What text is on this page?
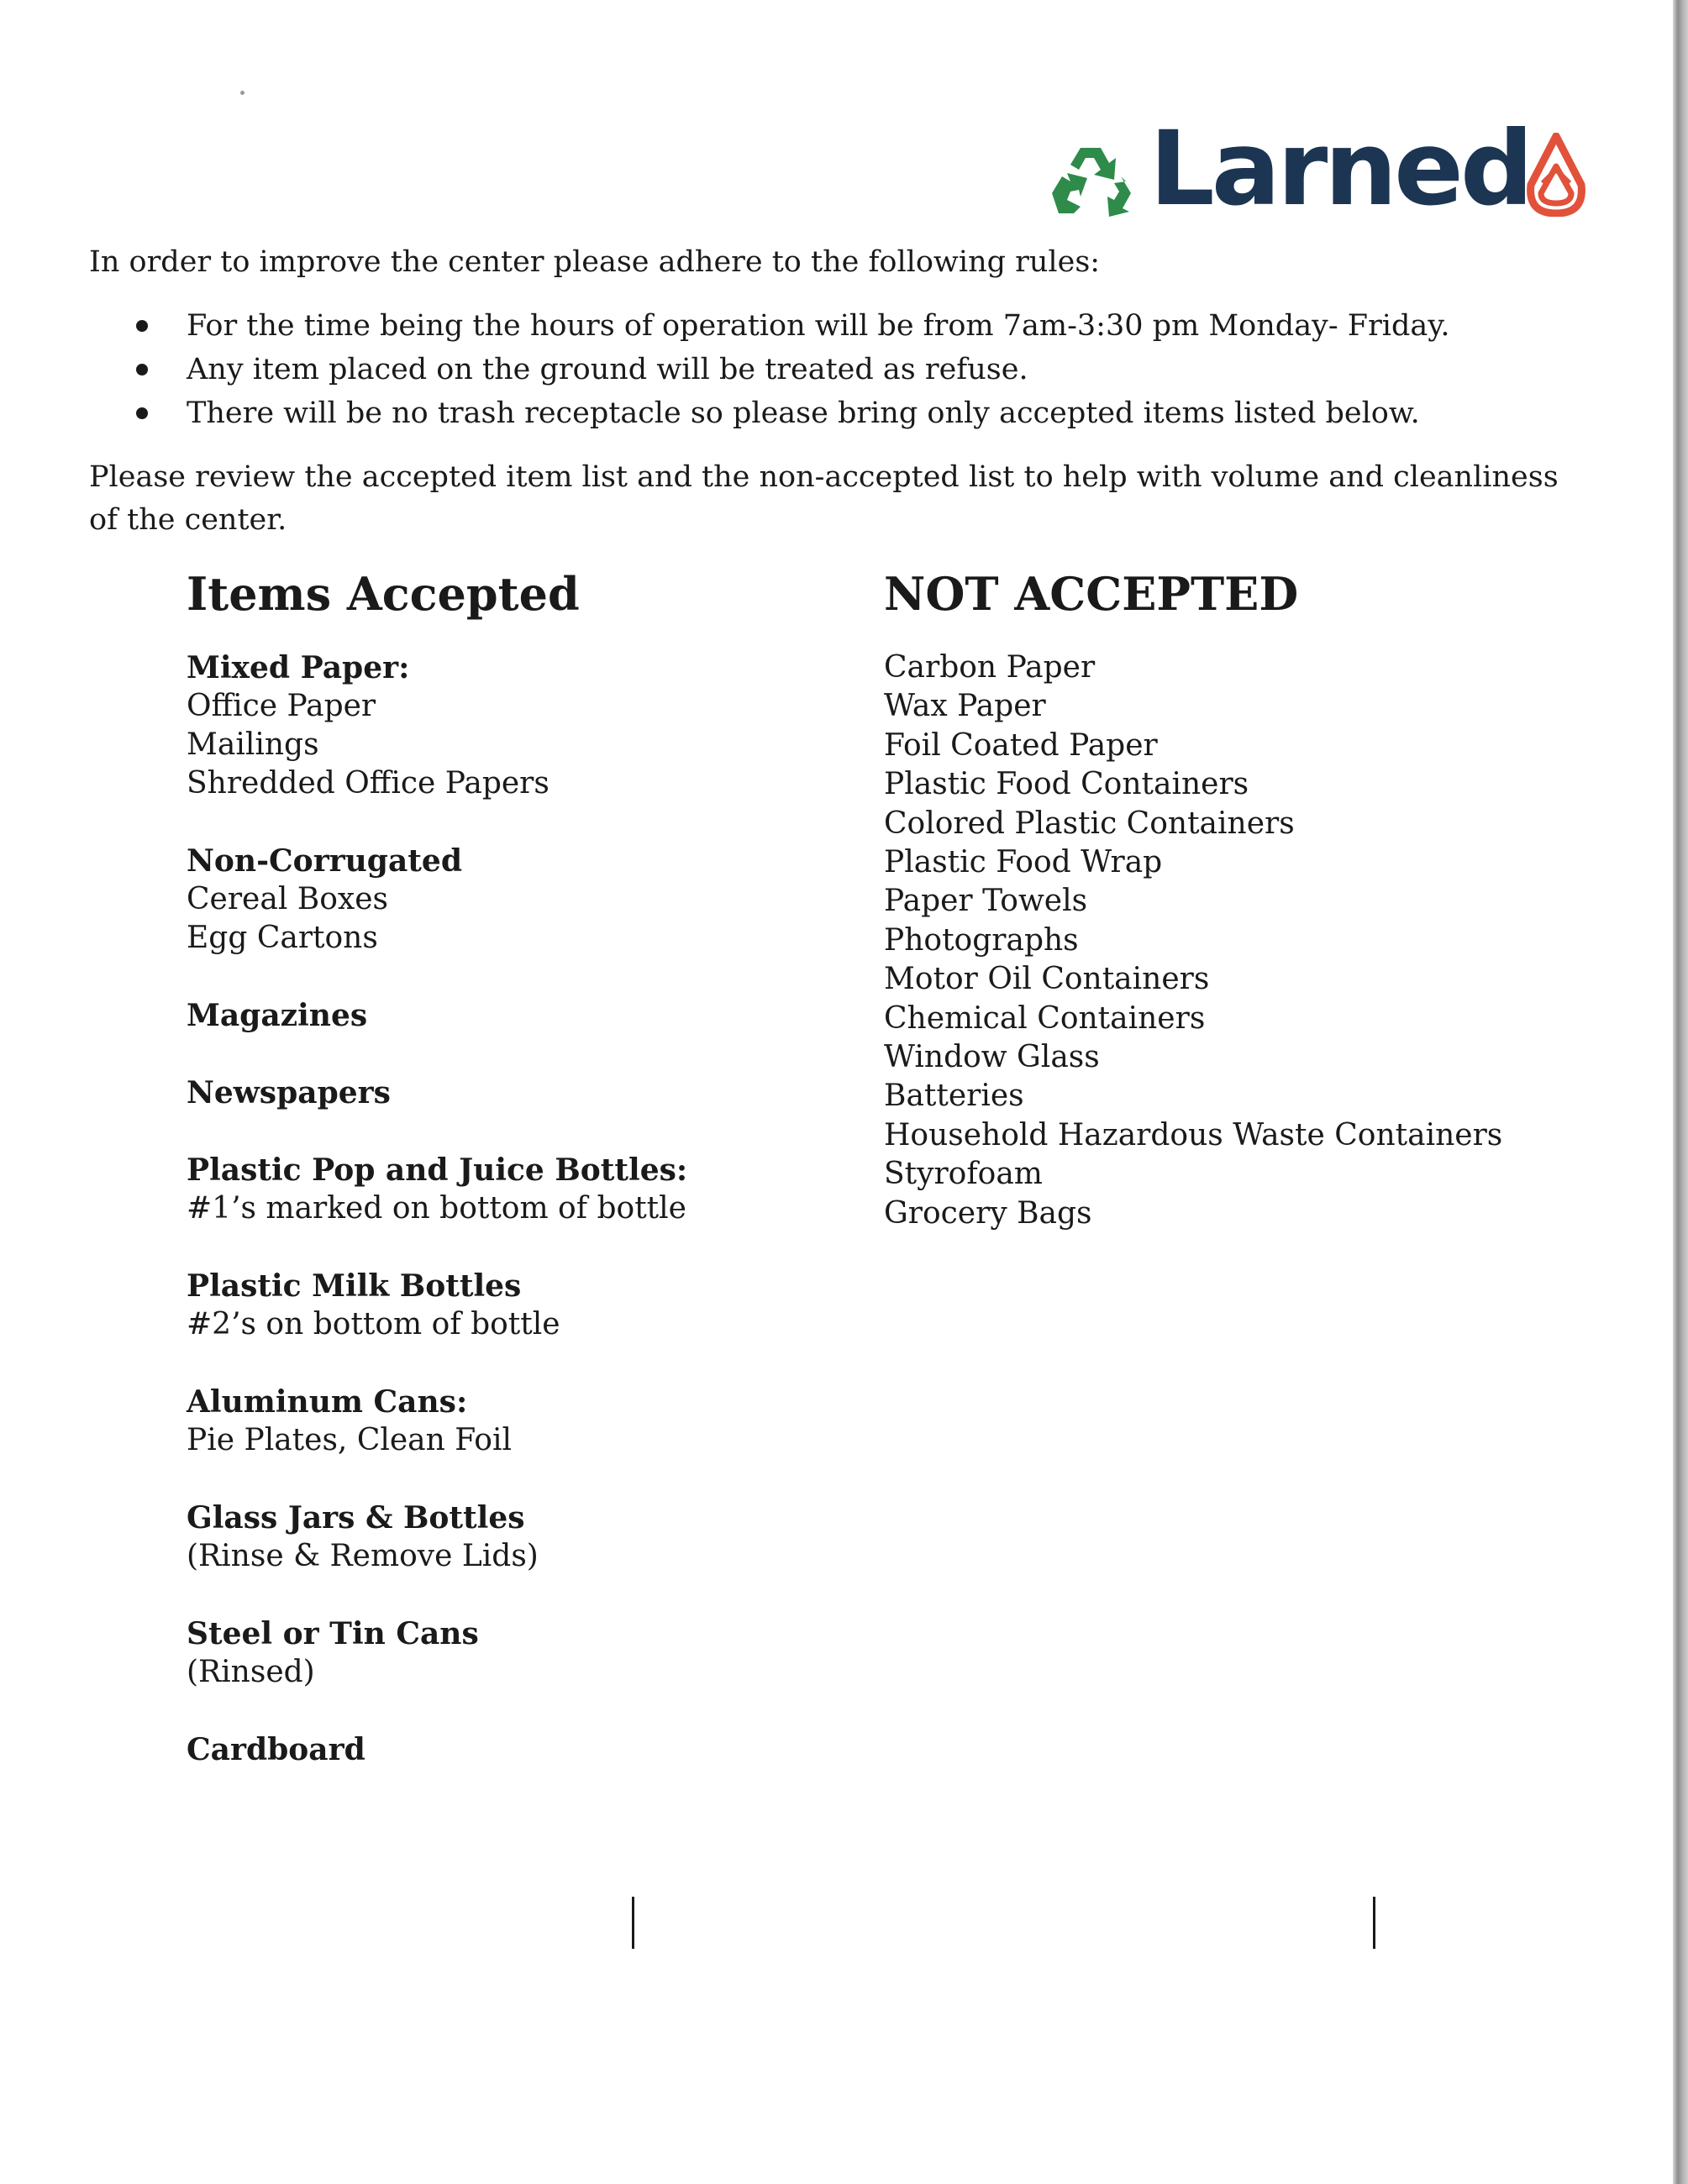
Larned
In order to improve the center please adhere to the following rules:
For the time being the hours of operation will be from 7am-3:30 pm Monday- Friday.
Any item placed on the ground will be treated as refuse.
There will be no trash receptacle so please bring only accepted items listed below.
Please review the accepted item list and the non-accepted list to help with volume and cleanliness of the center.
Items Accepted	NOT ACCEPTED
Mixed Paper:
Office Paper
Mailings
Shredded Office Papers
Non-Corrugated
Cereal Boxes
Egg Cartons
Magazines
Newspapers
Plastic Pop and Juice Bottles:
#1’s marked on bottom of bottle
Plastic Milk Bottles
#2’s on bottom of bottle
Aluminum Cans:
Pie Plates, Clean Foil
Glass Jars & Bottles
(Rinse & Remove Lids)
Steel or Tin Cans
(Rinsed)
Cardboard
Carbon Paper
Wax Paper
Foil Coated Paper
Plastic Food Containers
Colored Plastic Containers
Plastic Food Wrap
Paper Towels
Photographs
Motor Oil Containers
Chemical Containers
Window Glass
Batteries
Household Hazardous Waste Containers
Styrofoam
Grocery Bags
